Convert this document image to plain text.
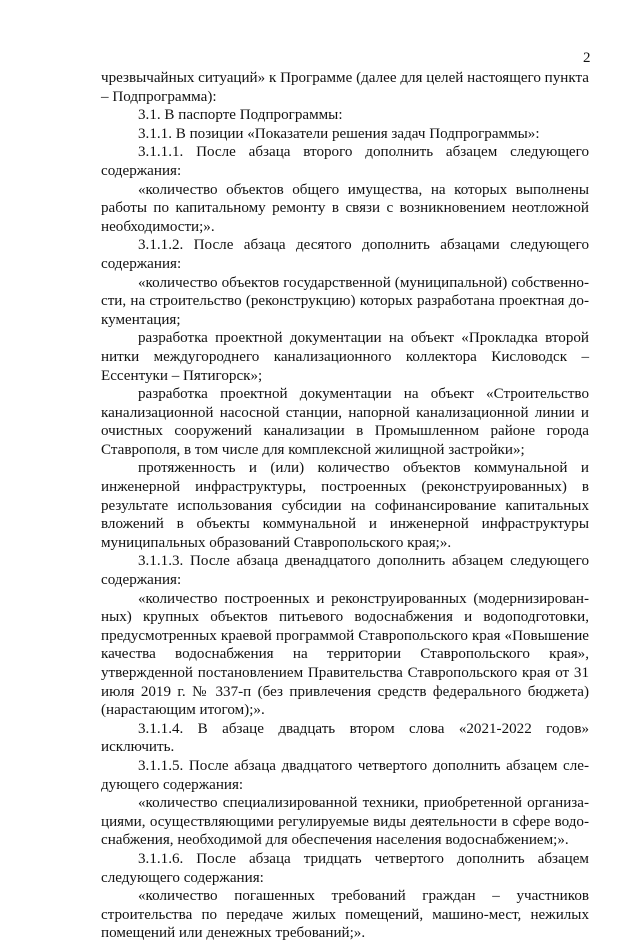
2

чрезвычайных ситуаций» к Программе (далее для целей настоящего пункта – Подпрограмма):

3.1. В паспорте Подпрограммы:

3.1.1. В позиции «Показатели решения задач Подпрограммы»:

3.1.1.1. После абзаца второго дополнить абзацем следующего содержания:

«количество объектов общего имущества, на которых выполнены работы по капитальному ремонту в связи с возникновением неотложной необходимости;».

3.1.1.2. После абзаца десятого дополнить абзацами следующего содержания:

«количество объектов государственной (муниципальной) собственности, на строительство (реконструкцию) которых разработана проектная документация;

разработка проектной документации на объект «Прокладка второй нитки междугороднего канализационного коллектора Кисловодск – Ессентуки – Пятигорск»;

разработка проектной документации на объект «Строительство канализационной насосной станции, напорной канализационной линии и очистных сооружений канализации в Промышленном районе города Ставрополя, в том числе для комплексной жилищной застройки»;

протяженность и (или) количество объектов коммунальной и инженерной инфраструктуры, построенных (реконструированных) в результате использования субсидии на софинансирование капитальных вложений в объекты коммунальной и инженерной инфраструктуры муниципальных образований Ставропольского края;».

3.1.1.3. После абзаца двенадцатого дополнить абзацем следующего содержания:

«количество построенных и реконструированных (модернизированных) крупных объектов питьевого водоснабжения и водоподготовки, предусмотренных краевой программой Ставропольского края «Повышение качества водоснабжения на территории Ставропольского края», утвержденной постановлением Правительства Ставропольского края от 31 июля 2019 г. № 337-п (без привлечения средств федерального бюджета) (нарастающим итогом);».

3.1.1.4. В абзаце двадцать втором слова «2021-2022 годов» исключить.

3.1.1.5. После абзаца двадцатого четвертого дополнить абзацем следующего содержания:

«количество специализированной техники, приобретенной организациями, осуществляющими регулируемые виды деятельности в сфере водоснабжения, необходимой для обеспечения населения водоснабжением;».

3.1.1.6. После абзаца тридцать четвертого дополнить абзацем следующего содержания:

«количество погашенных требований граждан – участников строительства по передаче жилых помещений, машино-мест, нежилых помещений или денежных требований;».
